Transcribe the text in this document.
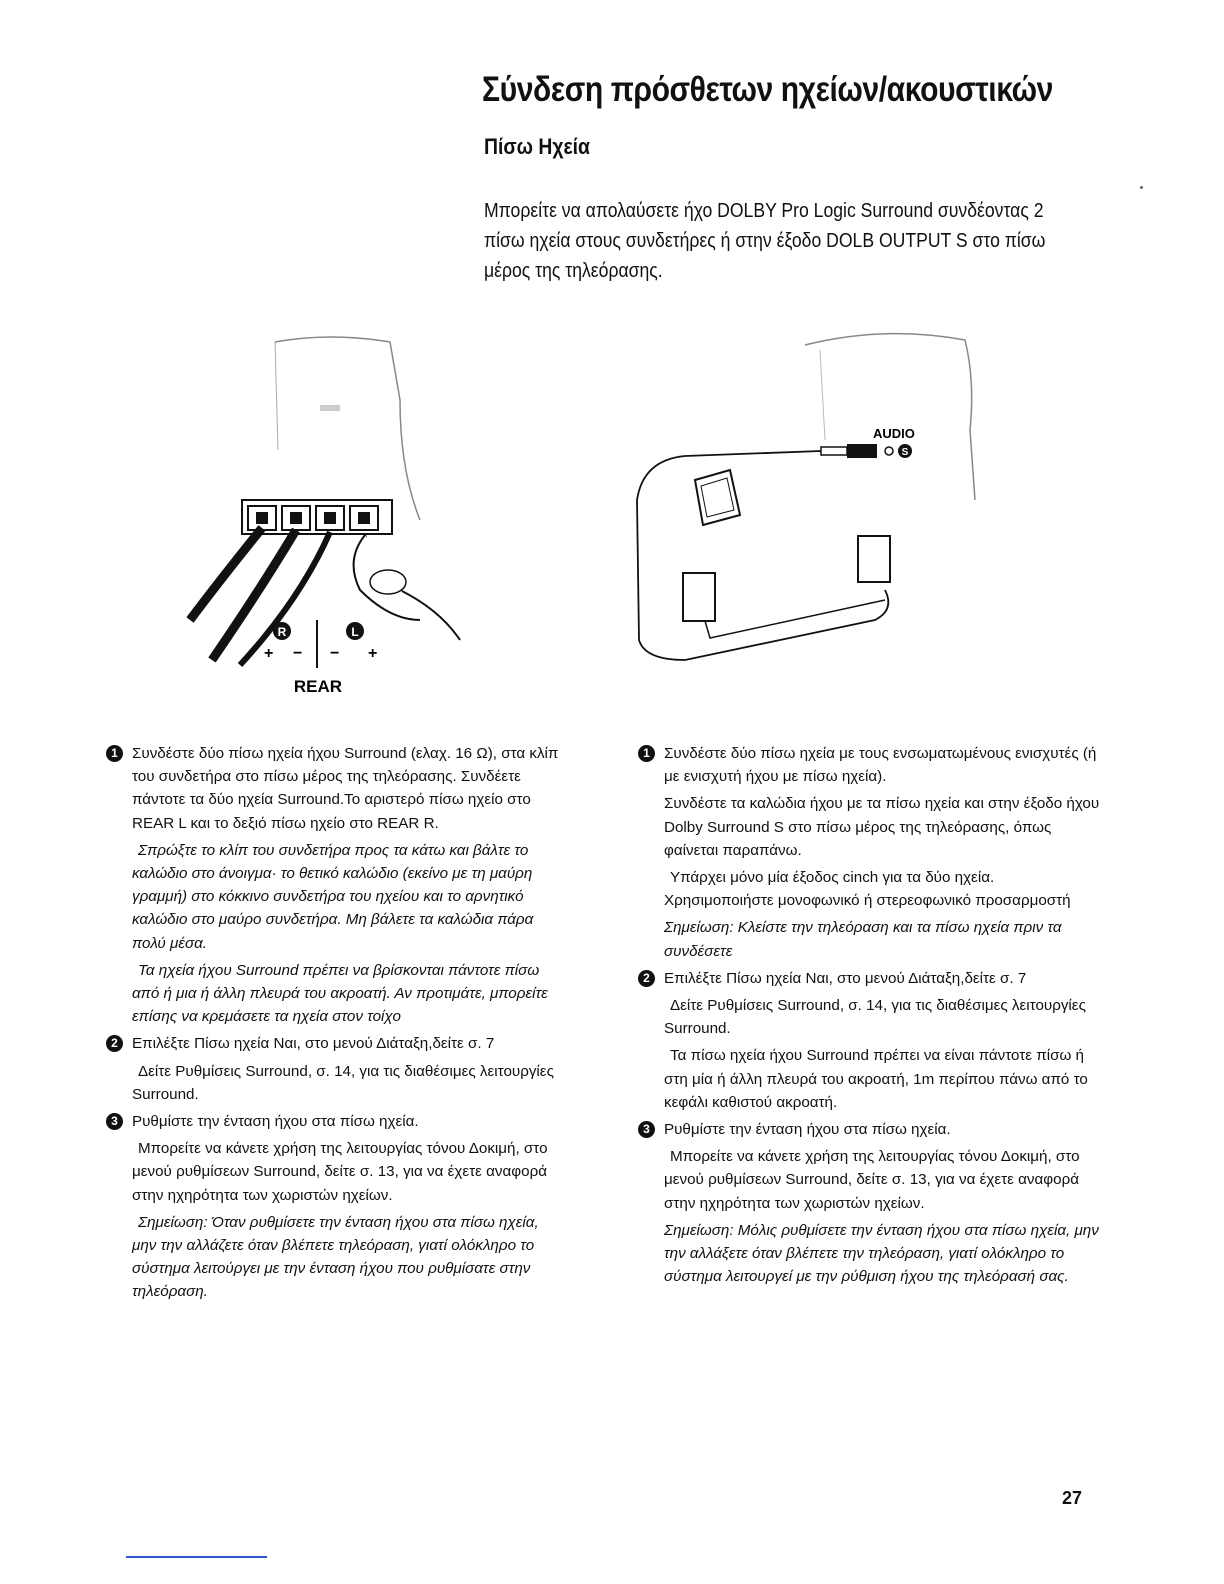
Σύνδεση πρόσθετων ηχείων/ακουστικών
Πίσω Ηχεία

Μπορείτε να απολαύσετε ήχο DOLBY Pro Logic Surround συνδέοντας 2 πίσω ηχεία στους συνδετήρες ή στην έξοδο DOLB OUTPUT S στο πίσω μέρος της τηλεόρασης.

R	L
+ − − +
REAR
AUDIO
S
1 Συνδέστε δύο πίσω ηχεία ήχου Surround (ελαχ. 16 Ω), στα κλίπ του συνδετήρα στο πίσω μέρος της τηλεόρασης. Συνδέετε πάντοτε τα δύο ηχεία Surround.Το αριστερό πίσω ηχείο στο REAR L και το δεξιό πίσω ηχείο στο REAR R.

Σπρώξτε το κλίπ του συνδετήρα προς τα κάτω και βάλτε το καλώδιο στο άνοιγμα· το θετικό καλώδιο (εκείνο με τη μαύρη γραμμή) στο κόκκινο συνδετήρα του ηχείου και το αρνητικό καλώδιο στο μαύρο συνδετήρα. Μη βάλετε τα καλώδια πάρα πολύ μέσα.

Τα ηχεία ήχου Surround πρέπει να βρίσκονται πάντοτε πίσω από ή μια ή άλλη πλευρά του ακροατή. Αν προτιμάτε, μπορείτε επίσης να κρεμάσετε τα ηχεία στον τοίχο

2 Επιλέξτε Πίσω ηχεία Ναι, στο μενού Διάταξη,δείτε σ. 7

Δείτε Ρυθμίσεις Surround, σ. 14, για τις διαθέσιμες λειτουργίες Surround.

3 Ρυθμίστε την ένταση ήχου στα πίσω ηχεία.

Μπορείτε να κάνετε χρήση της λειτουργίας τόνου Δοκιμή, στο μενού ρυθμίσεων Surround, δείτε σ. 13, για να έχετε αναφορά στην ηχηρότητα των χωριστών ηχείων.

Σημείωση: Όταν ρυθμίσετε την ένταση ήχου στα πίσω ηχεία, μην την αλλάζετε όταν βλέπετε τηλεόραση, γιατί ολόκληρο το σύστημα λειτούργει με την ένταση ήχου που ρυθμίσατε στην τηλεόραση.

1 Συνδέστε δύο πίσω ηχεία με τους ενσωματωμένους ενισχυτές (ή με ενισχυτή ήχου με πίσω ηχεία).

Συνδέστε τα καλώδια ήχου με τα πίσω ηχεία και στην έξοδο ήχου Dolby Surround S στο πίσω μέρος της τηλεόρασης, όπως φαίνεται παραπάνω.

Υπάρχει μόνο μία έξοδος cinch για τα δύο ηχεία. Χρησιμοποιήστε μονοφωνικό ή στερεοφωνικό προσαρμοστή

Σημείωση: Κλείστε την τηλεόραση και τα πίσω ηχεία πριν τα συνδέσετε

2 Επιλέξτε Πίσω ηχεία Ναι, στο μενού Διάταξη,δείτε σ. 7

Δείτε Ρυθμίσεις Surround, σ. 14, για τις διαθέσιμες λειτουργίες Surround.

Τα πίσω ηχεία ήχου Surround πρέπει να είναι πάντοτε πίσω ή στη μία ή άλλη πλευρά του ακροατή, 1m περίπου πάνω από το κεφάλι καθιστού ακροατή.

3 Ρυθμίστε την ένταση ήχου στα πίσω ηχεία.

Μπορείτε να κάνετε χρήση της λειτουργίας τόνου Δοκιμή, στο μενού ρυθμίσεων Surround, δείτε σ. 13, για να έχετε αναφορά στην ηχηρότητα των χωριστών ηχείων.

Σημείωση: Μόλις ρυθμίσετε την ένταση ήχου στα πίσω ηχεία, μην την αλλάξετε όταν βλέπετε την τηλεόραση, γιατί ολόκληρο το σύστημα λειτουργεί με την ρύθμιση ήχου της τηλεόρασή σας.

27
